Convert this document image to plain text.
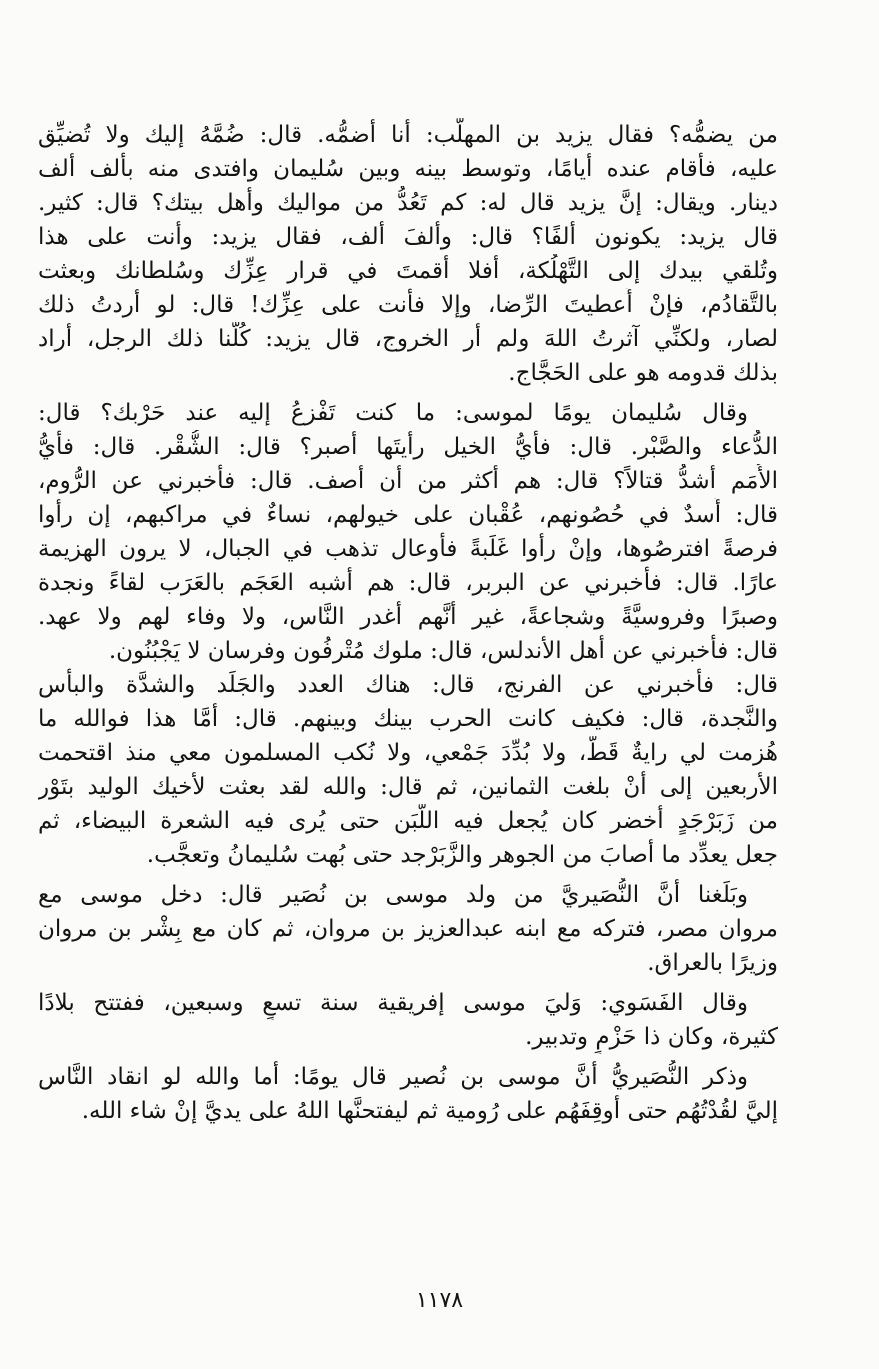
من يضمُّه؟ فقال يزيد بن المهلَّب: أنا أضمُّه. قال: ضُمَّهُ إليك ولا تُضيِّق
عليه، فأقام عنده أيامًا، وتوسط بينه وبين سُليمان وافتدى منه بألف ألف
دينار. ويقال: إنَّ يزيد قال له: كم تَعُدُّ من مواليك وأهل بيتك؟ قال: كثير.
قال يزيد: يكونون ألفًا؟ قال: وألفَ ألف، فقال يزيد: وأنت على هذا
وتُلقي بيدك إلى التَّهْلُكة، أفلا أقمتَ في قرار عِزِّك وسُلطانك وبعثت
بالتَّقادُم، فإنْ أُعطيتَ الرِّضا، وإلا فأنت على عِزِّك! قال: لو أردتُ ذلك
لصار، ولكنِّي آثرتُ اللهَ ولم أر الخروج، قال يزيد: كُلُّنا ذلك الرجل، أراد
بذلك قدومه هو على الحَجَّاج.
وقال سُليمان يومًا لموسى: ما كنت تَفْزعُ إليه عند حَرْبك؟ قال:
الدُّعاء والصَّبْر. قال: فأيُّ الخيل رأيتَها أصبر؟ قال: الشُّقْر. قال: فأيُّ
الأُمَم أشدُّ قتالاً؟ قال: هم أكثر من أن أصف. قال: فأخبرني عن الرُّوم،
قال: أُسدٌ في حُصُونهم، عُقْبان على خيولهم، نساءٌ في مراكبهم، إن رأوا
فرصةً افترصُوها، وإنْ رأوا غَلَبةً فأوعال تذهب في الجبال، لا يرون الهزيمة
عارًا. قال: فأخبرني عن البربر، قال: هم أشبه العَجَم بالعَرَب لقاءً ونجدة
وصبرًا وفروسيَّةً وشجاعةً، غير أنَّهم أغدر النَّاس، ولا وفاء لهم ولا عهد.
قال: فأخبرني عن أهل الأندلس، قال: ملوك مُتْرفُون وفرسان لا يَجْبُنُون.
قال: فأخبرني عن الفرنج، قال: هناك العدد والجَلَد والشدَّة والبأس
والنَّجدة، قال: فكيف كانت الحرب بينك وبينهم. قال: أمَّا هذا فوالله ما
هُزمت لي رايةٌ قَطُّ، ولا بُدِّدَ جَمْعي، ولا نُكب المسلمون معي منذ اقتحمت
الأربعين إلى أنْ بلغت الثمانين، ثم قال: والله لقد بعثت لأخيك الوليد بتَوْر
من زَبَرْجَدٍ أخضر كان يُجعل فيه اللَّبَن حتى يُرى فيه الشعرة البيضاء، ثم
جعل يعدِّد ما أصابَ من الجوهر والزَّبَرْجد حتى بُهت سُليمانُ وتعجَّب.
وبَلَغنا أنَّ النُّصَيريَّ من ولد موسى بن نُصَير قال: دخل موسى مع
مروان مصر، فتركه مع ابنه عبدالعزيز بن مروان، ثم كان مع بِشْر بن مروان
وزيرًا بالعراق.
وقال الفَسَوي: وَليَ موسى إفريقية سنة تسعٍ وسبعين، ففتتح بلادًا
كثيرة، وكان ذا حَزْمٍ وتدبير.
وذكر النُّصَيريُّ أنَّ موسى بن نُصير قال يومًا: أما والله لو انقاد النَّاس
إليَّ لقُدْتُهُم حتى أوقِفَهُم على رُومية ثم ليفتحنَّها اللهُ على يديَّ إنْ شاء الله.
١١٧٨
